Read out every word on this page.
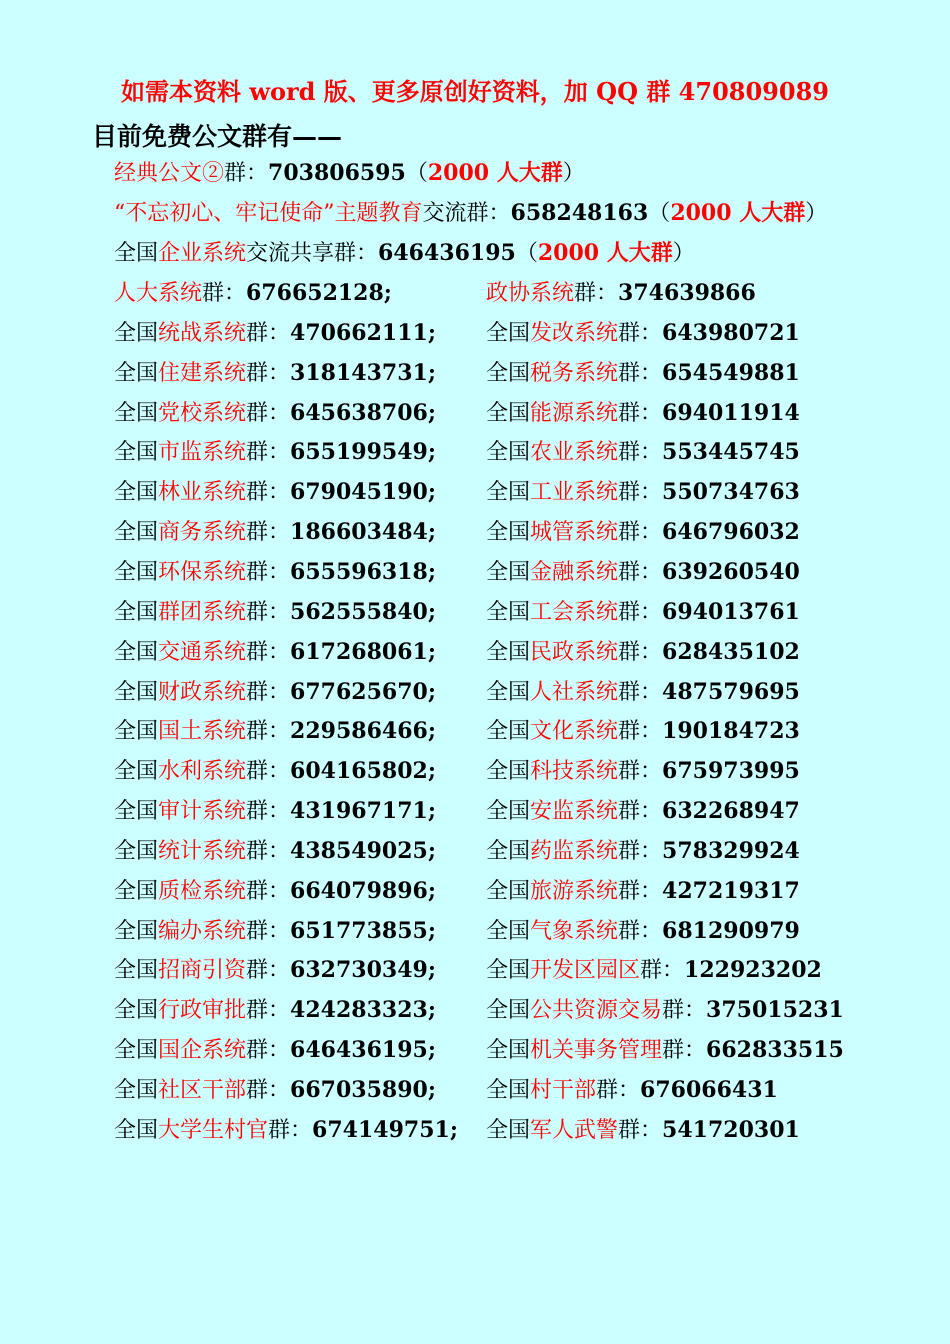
如需本资料 word 版、更多原创好资料，加 QQ 群 470809089
目前免费公文群有——
经典公文②群：703806595（2000 人大群）
“不忘初心、牢记使命”主题教育交流群：658248163（2000 人大群）
全国企业系统交流共享群：646436195（2000 人大群）
人大系统群：676652128;	政协系统群：374639866
全国统战系统群：470662111; 全国发改系统群：643980721
全国住建系统群：318143731; 全国税务系统群：654549881
全国党校系统群：645638706; 全国能源系统群：694011914
全国市监系统群：655199549; 全国农业系统群：553445745
全国林业系统群：679045190; 全国工业系统群：550734763
全国商务系统群：186603484; 全国城管系统群：646796032
全国环保系统群：655596318; 全国金融系统群：639260540
全国群团系统群：562555840; 全国工会系统群：694013761
全国交通系统群：617268061; 全国民政系统群：628435102
全国财政系统群：677625670; 全国人社系统群：487579695
全国国土系统群：229586466; 全国文化系统群：190184723
全国水利系统群：604165802; 全国科技系统群：675973995
全国审计系统群：431967171; 全国安监系统群：632268947
全国统计系统群：438549025; 全国药监系统群：578329924
全国质检系统群：664079896; 全国旅游系统群：427219317
全国编办系统群：651773855; 全国气象系统群：681290979
全国招商引资群：632730349; 全国开发区园区群：122923202
全国行政审批群：424283323; 全国公共资源交易群：375015231
全国国企系统群：646436195; 全国机关事务管理群：662833515
全国社区干部群：667035890; 全国村干部群：676066431
全国大学生村官群：674149751; 全国军人武警群：541720301
